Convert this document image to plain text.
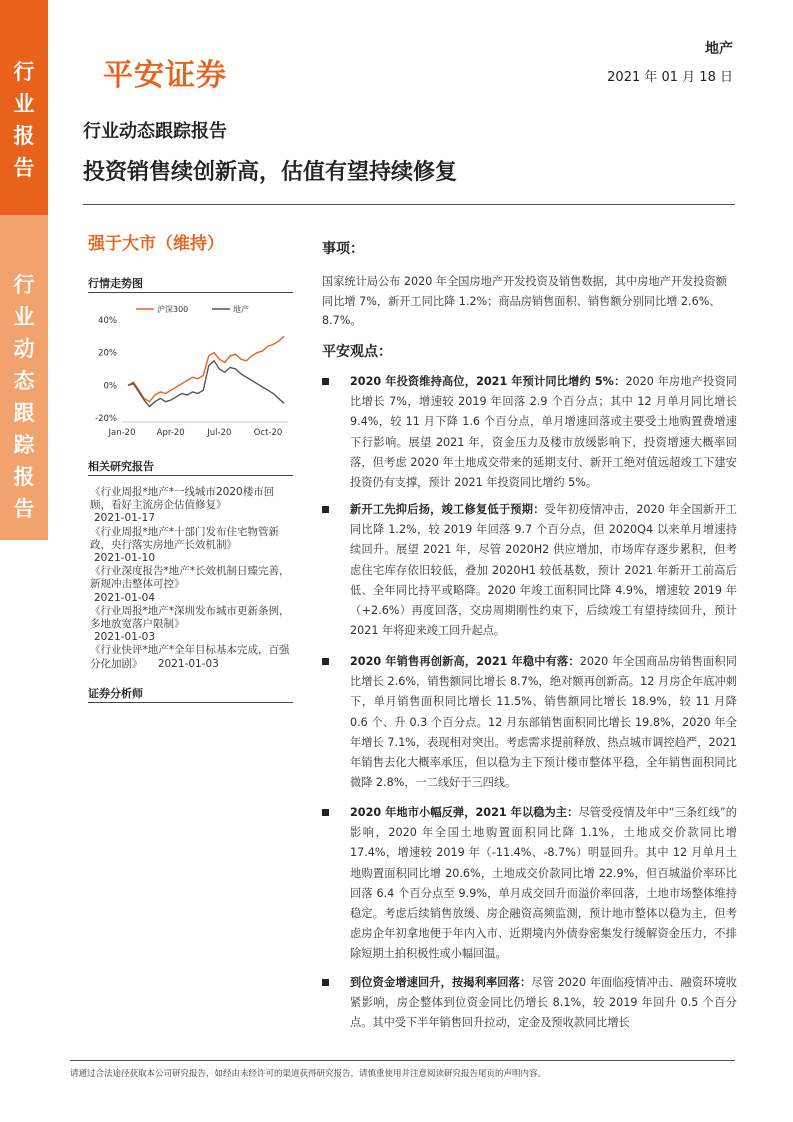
行
业
报
告
行
业
动
态
跟
踪
报
告
平安证券
地产
2021 年 01 月 18 日
行业动态跟踪报告
投资销售续创新高，估值有望持续修复
强于大市（维持）
行情走势图
沪深300	地产
40%
20%
0%
-20%
Jan-20 Apr-20	Jul-20	Oct-20
相关研究报告
《行业周报*地产*一线城市2020楼市回顾，看好主流房企估值修复》
2021-01-17
《行业周报*地产*十部门发布住宅物管新政，央行落实房地产长效机制》
2021-01-10
《行业深度报告*地产*长效机制日臻完善，新规冲击整体可控》
2021-01-04
《行业周报*地产*深圳发布城市更新条例，多地放宽落户限制》
2021-01-03
《行业快评*地产*全年目标基本完成，百强分化加剧》 2021-01-03
证券分析师
事项：
国家统计局公布 2020 年全国房地产开发投资及销售数据，其中房地产开发投资额同比增 7%，新开工同比降 1.2%；商品房销售面积、销售额分别同比增 2.6%、8.7%。
平安观点：
2020 年投资维持高位，2021 年预计同比增约 5%：2020 年房地产投资同比增长 7%，增速较 2019 年回落 2.9 个百分点；其中 12 月单月同比增长 9.4%，较 11 月下降 1.6 个百分点，单月增速回落或主要受土地购置费增速下行影响。展望 2021 年，资金压力及楼市放缓影响下，投资增速大概率回落，但考虑 2020 年土地成交带来的延期支付、新开工绝对值远超竣工下建安投资仍有支撑，预计 2021 年投资同比增约 5%。
新开工先抑后扬，竣工修复低于预期：受年初疫情冲击，2020 年全国新开工同比降 1.2%，较 2019 年回落 9.7 个百分点，但 2020Q4 以来单月增速持续回升。展望 2021 年，尽管 2020H2 供应增加，市场库存逐步累积，但考虑住宅库存依旧较低，叠加 2020H1 较低基数，预计 2021 年新开工前高后低、全年同比持平或略降。2020 年竣工面积同比降 4.9%，增速较 2019 年（+2.6%）再度回落，交房周期刚性约束下，后续竣工有望持续回升，预计 2021 年将迎来竣工回升起点。
2020 年销售再创新高，2021 年稳中有落：2020 年全国商品房销售面积同比增长 2.6%，销售额同比增长 8.7%，绝对额再创新高。12 月房企年底冲刺下，单月销售面积同比增长 11.5%、销售额同比增长 18.9%，较 11 月降 0.6 个、升 0.3 个百分点。12 月东部销售面积同比增长 19.8%，2020 年全年增长 7.1%，表现相对突出。考虑需求提前释放、热点城市调控趋严，2021 年销售去化大概率承压，但以稳为主下预计楼市整体平稳，全年销售面积同比微降 2.8%，一二线好于三四线。
2020 年地市小幅反弹，2021 年以稳为主：尽管受疫情及年中“三条红线”的影响，2020 年全国土地购置面积同比降 1.1%，土地成交价款同比增 17.4%，增速较 2019 年（-11.4%、-8.7%）明显回升。其中 12 月单月土地购置面积同比增 20.6%，土地成交价款同比增 22.9%，但百城溢价率环比回落 6.4 个百分点至 9.9%，单月成交回升而溢价率回落，土地市场整体维持稳定。考虑后续销售放缓、房企融资高频监测，预计地市整体以稳为主，但考虑房企年初拿地便于年内入市、近期境内外债券密集发行缓解资金压力，不排除短期土拍积极性或小幅回温。
到位资金增速回升，按揭利率回落：尽管 2020 年面临疫情冲击、融资环境收紧影响，房企整体到位资金同比仍增长 8.1%，较 2019 年回升 0.5 个百分点。其中受下半年销售回升拉动，定金及预收款同比增长
请通过合法途径获取本公司研究报告，如经由未经许可的渠道获得研究报告，请慎重使用并注意阅读研究报告尾页的声明内容。
